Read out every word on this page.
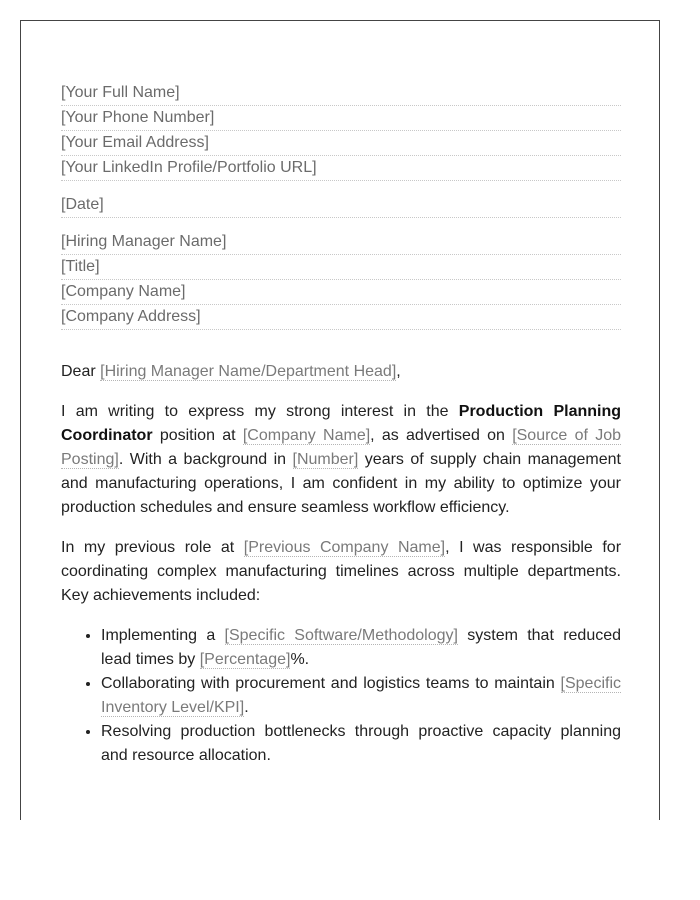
[Your Full Name]
[Your Phone Number]
[Your Email Address]
[Your LinkedIn Profile/Portfolio URL]
[Date]
[Hiring Manager Name]
[Title]
[Company Name]
[Company Address]
Dear [Hiring Manager Name/Department Head],

I am writing to express my strong interest in the Production Planning Coordinator position at [Company Name], as advertised on [Source of Job Posting]. With a background in [Number] years of supply chain management and manufacturing operations, I am confident in my ability to optimize your production schedules and ensure seamless workflow efficiency.

In my previous role at [Previous Company Name], I was responsible for coordinating complex manufacturing timelines across multiple departments. Key achievements included:

• Implementing a [Specific Software/Methodology] system that reduced lead times by [Percentage]%.
• Collaborating with procurement and logistics teams to maintain [Specific Inventory Level/KPI].
• Resolving production bottlenecks through proactive capacity planning and resource allocation.
